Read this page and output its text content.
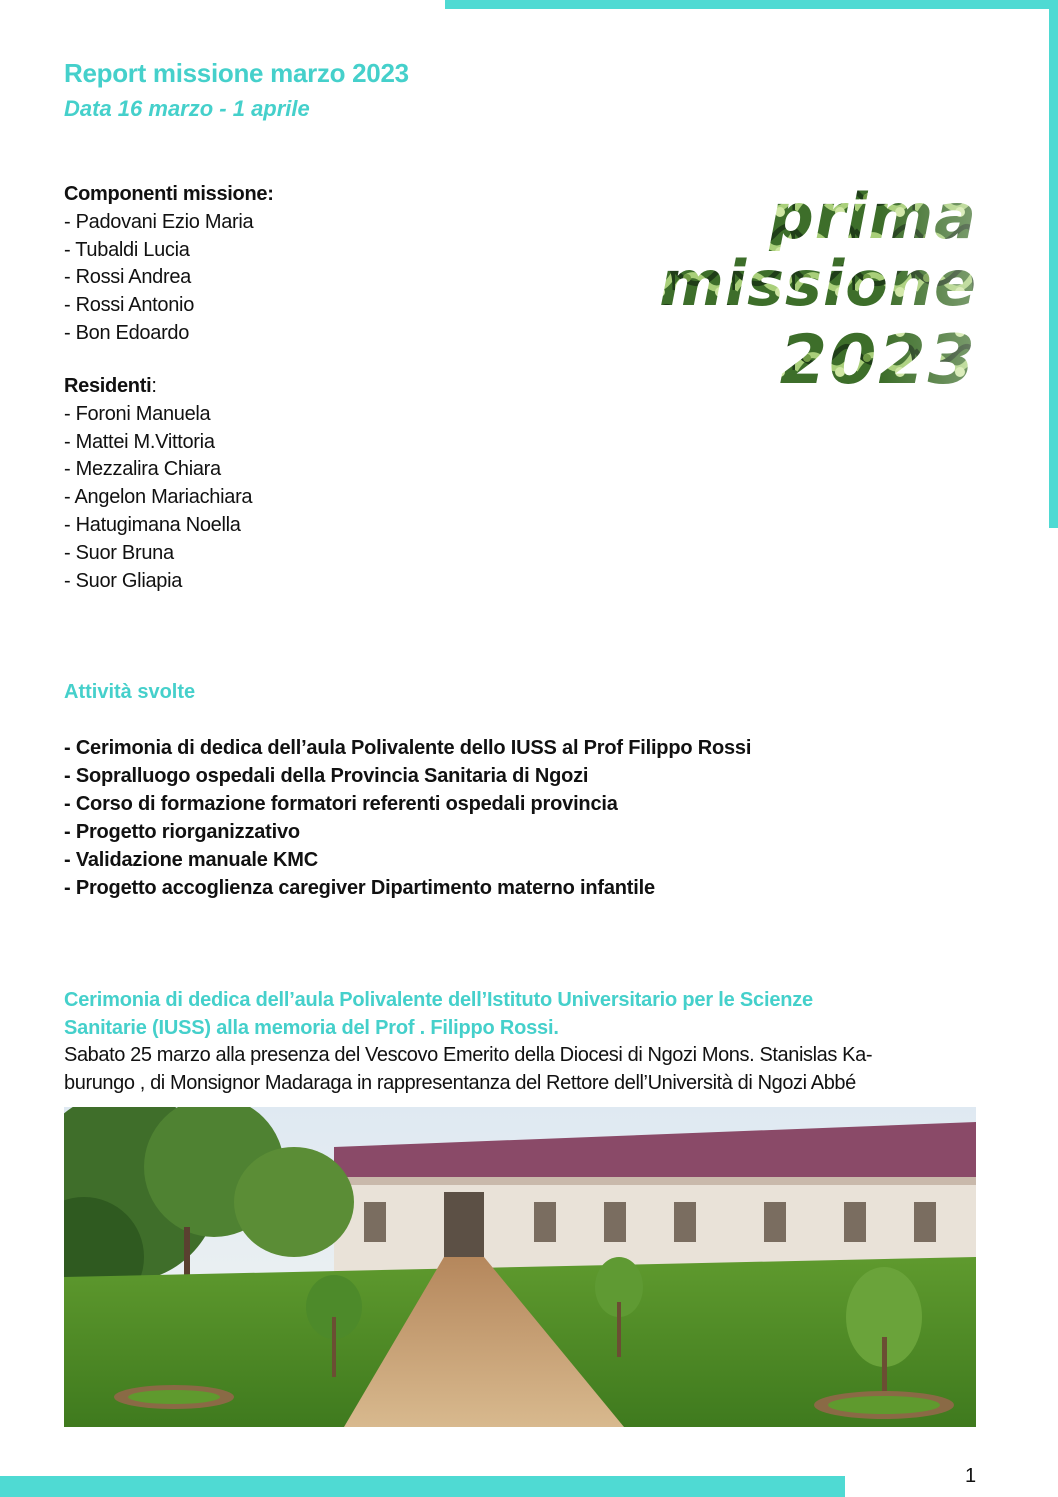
Report missione marzo 2023
Data 16 marzo - 1 aprile
Componenti missione:
- Padovani Ezio Maria
- Tubaldi Lucia
- Rossi Andrea
- Rossi Antonio
- Bon Edoardo
Residenti:
- Foroni Manuela
- Mattei M.Vittoria
- Mezzalira Chiara
- Angelon Mariachiara
- Hatugimana Noella
- Suor Bruna
- Suor Gliapia
Attività svolte
- Cerimonia di dedica dell’aula Polivalente dello IUSS al Prof Filippo Rossi
- Sopralluogo ospedali della Provincia Sanitaria di Ngozi
- Corso di formazione formatori referenti ospedali provincia
- Progetto riorganizzativo
- Validazione manuale KMC
- Progetto accoglienza caregiver Dipartimento materno infantile
Cerimonia di dedica dell’aula Polivalente dell’Istituto Universitario per le Scienze
Sanitarie (IUSS) alla memoria del Prof . Filippo Rossi.

Sabato 25 marzo alla presenza del Vescovo Emerito della Diocesi di Ngozi Mons. Stanislas Ka-
burungo , di Monsignor Madaraga in rappresentanza del Rettore dell’Università di Ngozi Abbé

1
